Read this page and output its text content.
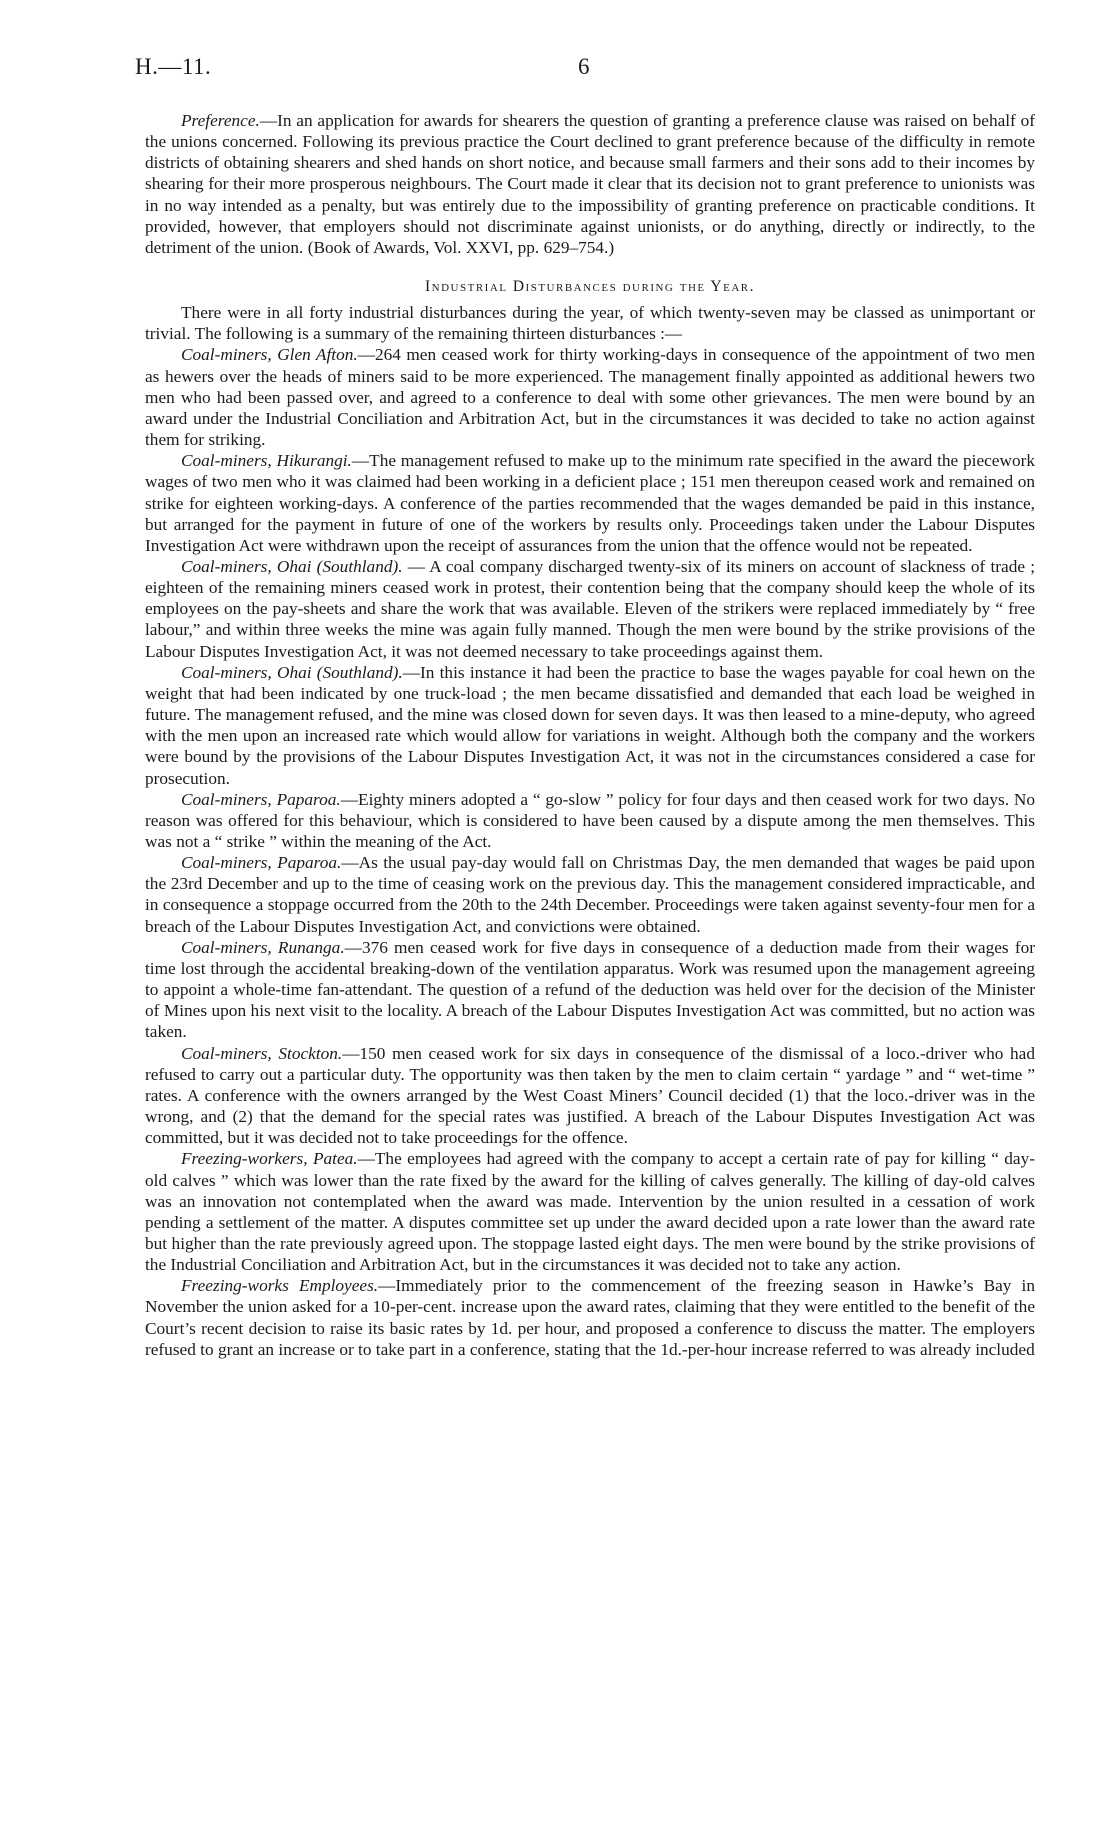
H.—11.	6

Preference.—In an application for awards for shearers the question of granting a preference clause was raised on behalf of the unions concerned. Following its previous practice the Court declined to grant preference because of the difficulty in remote districts of obtaining shearers and shed hands on short notice, and because small farmers and their sons add to their incomes by shearing for their more prosperous neighbours. The Court made it clear that its decision not to grant preference to unionists was in no way intended as a penalty, but was entirely due to the impossibility of granting preference on practicable conditions. It provided, however, that employers should not discriminate against unionists, or do anything, directly or indirectly, to the detriment of the union. (Book of Awards, Vol. XXVI, pp. 629–754.)

Industrial Disturbances during the Year.

There were in all forty industrial disturbances during the year, of which twenty-seven may be classed as unimportant or trivial. The following is a summary of the remaining thirteen disturbances :—

Coal-miners, Glen Afton.—264 men ceased work for thirty working-days in consequence of the appointment of two men as hewers over the heads of miners said to be more experienced. The management finally appointed as additional hewers two men who had been passed over, and agreed to a conference to deal with some other grievances. The men were bound by an award under the Industrial Conciliation and Arbitration Act, but in the circumstances it was decided to take no action against them for striking.

Coal-miners, Hikurangi.—The management refused to make up to the minimum rate specified in the award the piecework wages of two men who it was claimed had been working in a deficient place ; 151 men thereupon ceased work and remained on strike for eighteen working-days. A conference of the parties recommended that the wages demanded be paid in this instance, but arranged for the payment in future of one of the workers by results only. Proceedings taken under the Labour Disputes Investigation Act were withdrawn upon the receipt of assurances from the union that the offence would not be repeated.

Coal-miners, Ohai (Southland). — A coal company discharged twenty-six of its miners on account of slackness of trade ; eighteen of the remaining miners ceased work in protest, their contention being that the company should keep the whole of its employees on the pay-sheets and share the work that was available. Eleven of the strikers were replaced immediately by “ free labour,” and within three weeks the mine was again fully manned. Though the men were bound by the strike provisions of the Labour Disputes Investigation Act, it was not deemed necessary to take proceedings against them.

Coal-miners, Ohai (Southland).—In this instance it had been the practice to base the wages payable for coal hewn on the weight that had been indicated by one truck-load ; the men became dissatisfied and demanded that each load be weighed in future. The management refused, and the mine was closed down for seven days. It was then leased to a mine-deputy, who agreed with the men upon an increased rate which would allow for variations in weight. Although both the company and the workers were bound by the provisions of the Labour Disputes Investigation Act, it was not in the circumstances considered a case for prosecution.

Coal-miners, Paparoa.—Eighty miners adopted a “ go-slow ” policy for four days and then ceased work for two days. No reason was offered for this behaviour, which is considered to have been caused by a dispute among the men themselves. This was not a “ strike ” within the meaning of the Act.

Coal-miners, Paparoa.—As the usual pay-day would fall on Christmas Day, the men demanded that wages be paid upon the 23rd December and up to the time of ceasing work on the previous day. This the management considered impracticable, and in consequence a stoppage occurred from the 20th to the 24th December. Proceedings were taken against seventy-four men for a breach of the Labour Disputes Investigation Act, and convictions were obtained.

Coal-miners, Runanga.—376 men ceased work for five days in consequence of a deduction made from their wages for time lost through the accidental breaking-down of the ventilation apparatus. Work was resumed upon the management agreeing to appoint a whole-time fan-attendant. The question of a refund of the deduction was held over for the decision of the Minister of Mines upon his next visit to the locality. A breach of the Labour Disputes Investigation Act was committed, but no action was taken.

Coal-miners, Stockton.—150 men ceased work for six days in consequence of the dismissal of a loco.-driver who had refused to carry out a particular duty. The opportunity was then taken by the men to claim certain “ yardage ” and “ wet-time ” rates. A conference with the owners arranged by the West Coast Miners’ Council decided (1) that the loco.-driver was in the wrong, and (2) that the demand for the special rates was justified. A breach of the Labour Disputes Investigation Act was committed, but it was decided not to take proceedings for the offence.

Freezing-workers, Patea.—The employees had agreed with the company to accept a certain rate of pay for killing “ day-old calves ” which was lower than the rate fixed by the award for the killing of calves generally. The killing of day-old calves was an innovation not contemplated when the award was made. Intervention by the union resulted in a cessation of work pending a settlement of the matter. A disputes committee set up under the award decided upon a rate lower than the award rate but higher than the rate previously agreed upon. The stoppage lasted eight days. The men were bound by the strike provisions of the Industrial Conciliation and Arbitration Act, but in the circumstances it was decided not to take any action.

Freezing-works Employees.—Immediately prior to the commencement of the freezing season in Hawke’s Bay in November the union asked for a 10-per-cent. increase upon the award rates, claiming that they were entitled to the benefit of the Court’s recent decision to raise its basic rates by 1d. per hour, and proposed a conference to discuss the matter. The employers refused to grant an increase or to take part in a conference, stating that the 1d.-per-hour increase referred to was already included
